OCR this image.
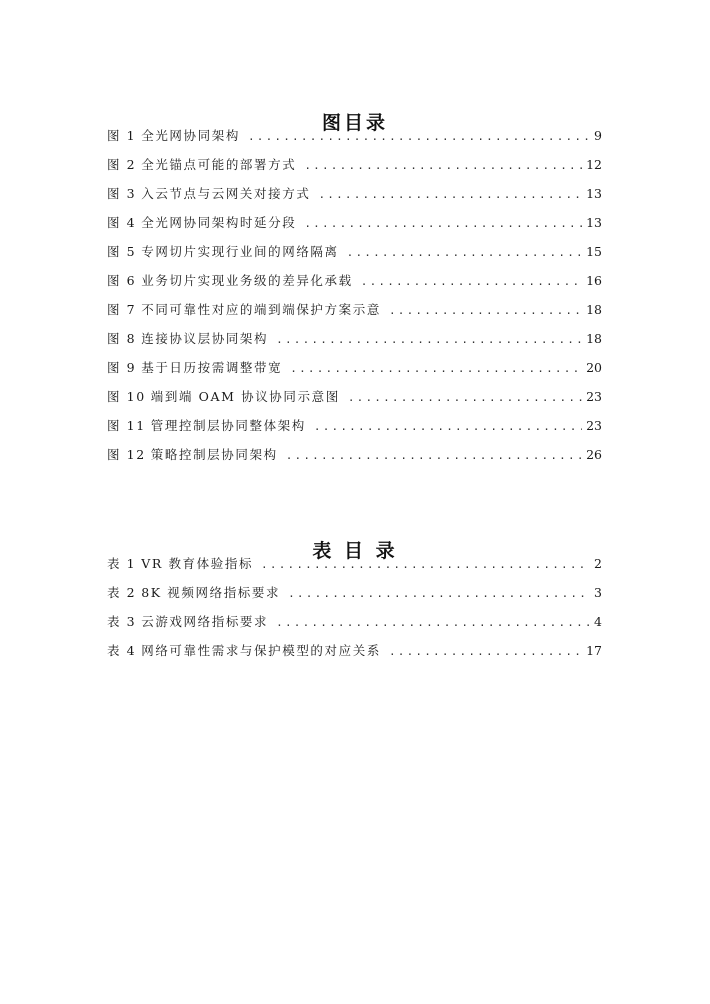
图目录
图 1 全光网协同架构 .....	9
图 2 全光锚点可能的部署方式 .....	12
图 3 入云节点与云网关对接方式 .....	13
图 4 全光网协同架构时延分段 .....	13
图 5 专网切片实现行业间的网络隔离 .....	15
图 6 业务切片实现业务级的差异化承载 .....	16
图 7 不同可靠性对应的端到端保护方案示意 .....	18
图 8 连接协议层协同架构 .....	18
图 9 基于日历按需调整带宽 .....	20
图 10 端到端 OAM 协议协同示意图 .....	23
图 11 管理控制层协同整体架构 .....	23
图 12 策略控制层协同架构 .....	26
表 目 录
表 1 VR 教育体验指标 .....	2
表 2 8K 视频网络指标要求 .....	3
表 3 云游戏网络指标要求 .....	4
表 4 网络可靠性需求与保护模型的对应关系 .....	17
